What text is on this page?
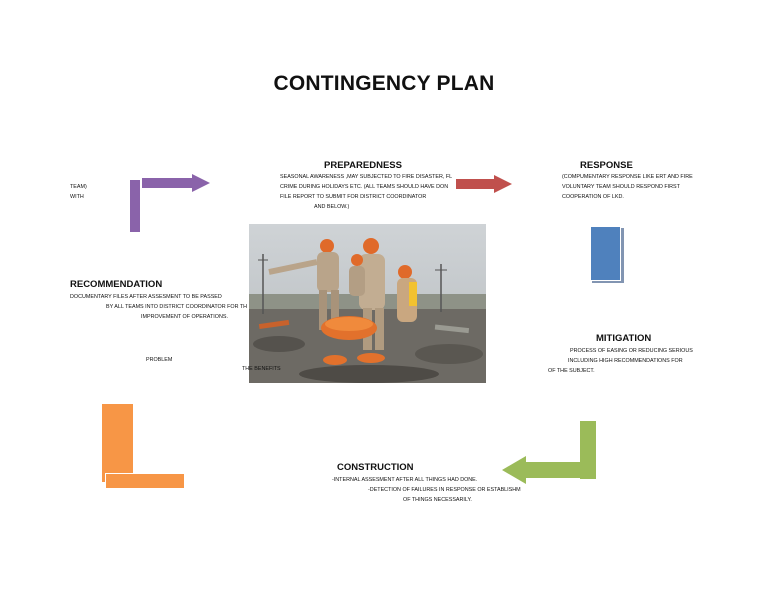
CONTINGENCY PLAN
PREPAREDNESS
SEASONAL AWARENESS ,MAY SUBJECTED TO FIRE DISASTER, FL
CRIME DURING HOLIDAYS ETC. (ALL TEAMS SHOULD HAVE DON
FILE REPORT TO SUBMIT FOR DISTRICT COORDINATOR
AND BELOW.)
RESPONSE
(COMPUMENTARY RESPONSE LIKE ERT AND FIRE
VOLUNTARY TEAM SHOULD RESPOND FIRST
COOPERATION OF LKD.
TEAM)
WITH
RECOMMENDATION
DOCUMENTARY FILES AFTER ASSESMENT TO BE PASSED
BY ALL TEAMS INTO DISTRICT COORDINATOR FOR TH
IMPROVEMENT OF OPERATIONS.
PROBLEM
THE BENEFITS
MITIGATION
PROCESS OF EASING OR REDUCING SERIOUS
INCLUDING HIGH RECOMMENDATIONS FOR
OF THE SUBJECT.
CONSTRUCTION
-INTERNAL ASSESMENT AFTER ALL THINGS HAD DONE.
-DETECTION OF FAILURES IN RESPONSE OR ESTABLISHM
OF THINGS NECESSARILY.
